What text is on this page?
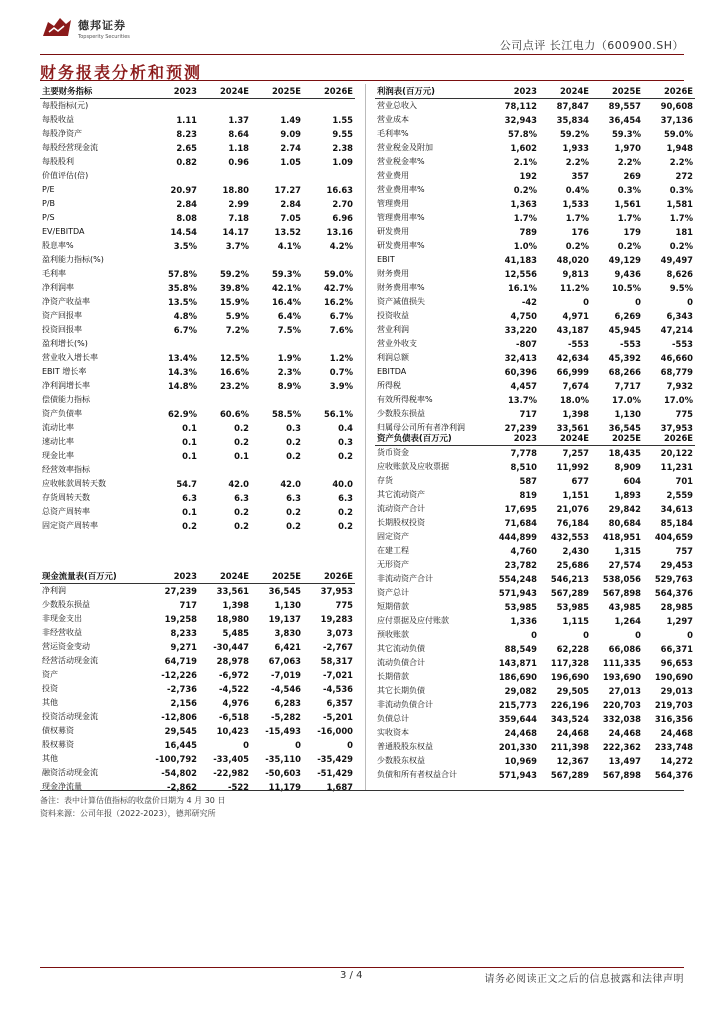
德邦证券
Topsperity Securities
公司点评 长江电力（600900.SH）
财务报表分析和预测
主要财务指标	2023	2024E	2025E	2026E
每股指标(元)				
每股收益	1.11	1.37	1.49	1.55
每股净资产	8.23	8.64	9.09	9.55
每股经营现金流	2.65	1.18	2.74	2.38
每股股利	0.82	0.96	1.05	1.09
价值评估(倍)				
P/E	20.97	18.80	17.27	16.63
P/B	2.84	2.99	2.84	2.70
P/S	8.08	7.18	7.05	6.96
EV/EBITDA	14.54	14.17	13.52	13.16
股息率%	3.5%	3.7%	4.1%	4.2%
盈利能力指标(%)				
毛利率	57.8%	59.2%	59.3%	59.0%
净利润率	35.8%	39.8%	42.1%	42.7%
净资产收益率	13.5%	15.9%	16.4%	16.2%
资产回报率	4.8%	5.9%	6.4%	6.7%
投资回报率	6.7%	7.2%	7.5%	7.6%
盈利增长(%)				
营业收入增长率	13.4%	12.5%	1.9%	1.2%
EBIT 增长率	14.3%	16.6%	2.3%	0.7%
净利润增长率	14.8%	23.2%	8.9%	3.9%
偿债能力指标				
资产负债率	62.9%	60.6%	58.5%	56.1%
流动比率	0.1	0.2	0.3	0.4
速动比率	0.1	0.2	0.2	0.3
现金比率	0.1	0.1	0.2	0.2
经营效率指标				
应收帐款周转天数	54.7	42.0	42.0	40.0
存货周转天数	6.3	6.3	6.3	6.3
总资产周转率	0.1	0.2	0.2	0.2
固定资产周转率	0.2	0.2	0.2	0.2

利润表(百万元)	2023	2024E	2025E	2026E
营业总收入	78,112	87,847	89,557	90,608
营业成本	32,943	35,834	36,454	37,136
毛利率%	57.8%	59.2%	59.3%	59.0%
营业税金及附加	1,602	1,933	1,970	1,948
营业税金率%	2.1%	2.2%	2.2%	2.2%
营业费用	192	357	269	272
营业费用率%	0.2%	0.4%	0.3%	0.3%
管理费用	1,363	1,533	1,561	1,581
管理费用率%	1.7%	1.7%	1.7%	1.7%
研发费用	789	176	179	181
研发费用率%	1.0%	0.2%	0.2%	0.2%
EBIT	41,183	48,020	49,129	49,497
财务费用	12,556	9,813	9,436	8,626
财务费用率%	16.1%	11.2%	10.5%	9.5%
资产减值损失	-42	0	0	0
投资收益	4,750	4,971	6,269	6,343
营业利润	33,220	43,187	45,945	47,214
营业外收支	-807	-553	-553	-553
利润总额	32,413	42,634	45,392	46,660
EBITDA	60,396	66,999	68,266	68,779
所得税	4,457	7,674	7,717	7,932
有效所得税率%	13.7%	18.0%	17.0%	17.0%
少数股东损益	717	1,398	1,130	775
归属母公司所有者净利润	27,239	33,561	36,545	37,953
资产负债表(百万元)	2023	2024E	2025E	2026E
货币资金	7,778	7,257	18,435	20,122
应收账款及应收票据	8,510	11,992	8,909	11,231
存货	587	677	604	701
其它流动资产	819	1,151	1,893	2,559
流动资产合计	17,695	21,076	29,842	34,613
长期股权投资	71,684	76,184	80,684	85,184
固定资产	444,899	432,553	418,951	404,659
在建工程	4,760	2,430	1,315	757
无形资产	23,782	25,686	27,574	29,453
非流动资产合计	554,248	546,213	538,056	529,763
资产总计	571,943	567,289	567,898	564,376
短期借款	53,985	53,985	43,985	28,985
应付票据及应付账款	1,336	1,115	1,264	1,297
预收账款	0	0	0	0
其它流动负债	88,549	62,228	66,086	66,371
流动负债合计	143,871	117,328	111,335	96,653
长期借款	186,690	196,690	193,690	190,690
其它长期负债	29,082	29,505	27,013	29,013
非流动负债合计	215,773	226,196	220,703	219,703
负债总计	359,644	343,524	332,038	316,356
实收资本	24,468	24,468	24,468	24,468
普通股股东权益	201,330	211,398	222,362	233,748
少数股东权益	10,969	12,367	13,497	14,272
负债和所有者权益合计	571,943	567,289	567,898	564,376
现金流量表(百万元)	2023	2024E	2025E	2026E
净利润	27,239	33,561	36,545	37,953
少数股东损益	717	1,398	1,130	775
非现金支出	19,258	18,980	19,137	19,283
非经营收益	8,233	5,485	3,830	3,073
营运资金变动	9,271	-30,447	6,421	-2,767
经营活动现金流	64,719	28,978	67,063	58,317
资产	-12,226	-6,972	-7,019	-7,021
投资	-2,736	-4,522	-4,546	-4,536
其他	2,156	4,976	6,283	6,357
投资活动现金流	-12,806	-6,518	-5,282	-5,201
债权募资	29,545	10,423	-15,493	-16,000
股权募资	16,445	0	0	0
其他	-100,792	-33,405	-35,110	-35,429
融资活动现金流	-54,802	-22,982	-50,603	-51,429
现金净流量	-2,862	-522	11,179	1,687
备注：表中计算估值指标的收盘价日期为 4 月 30 日
资料来源：公司年报（2022-2023），德邦研究所
3 / 4	请务必阅读正文之后的信息披露和法律声明
